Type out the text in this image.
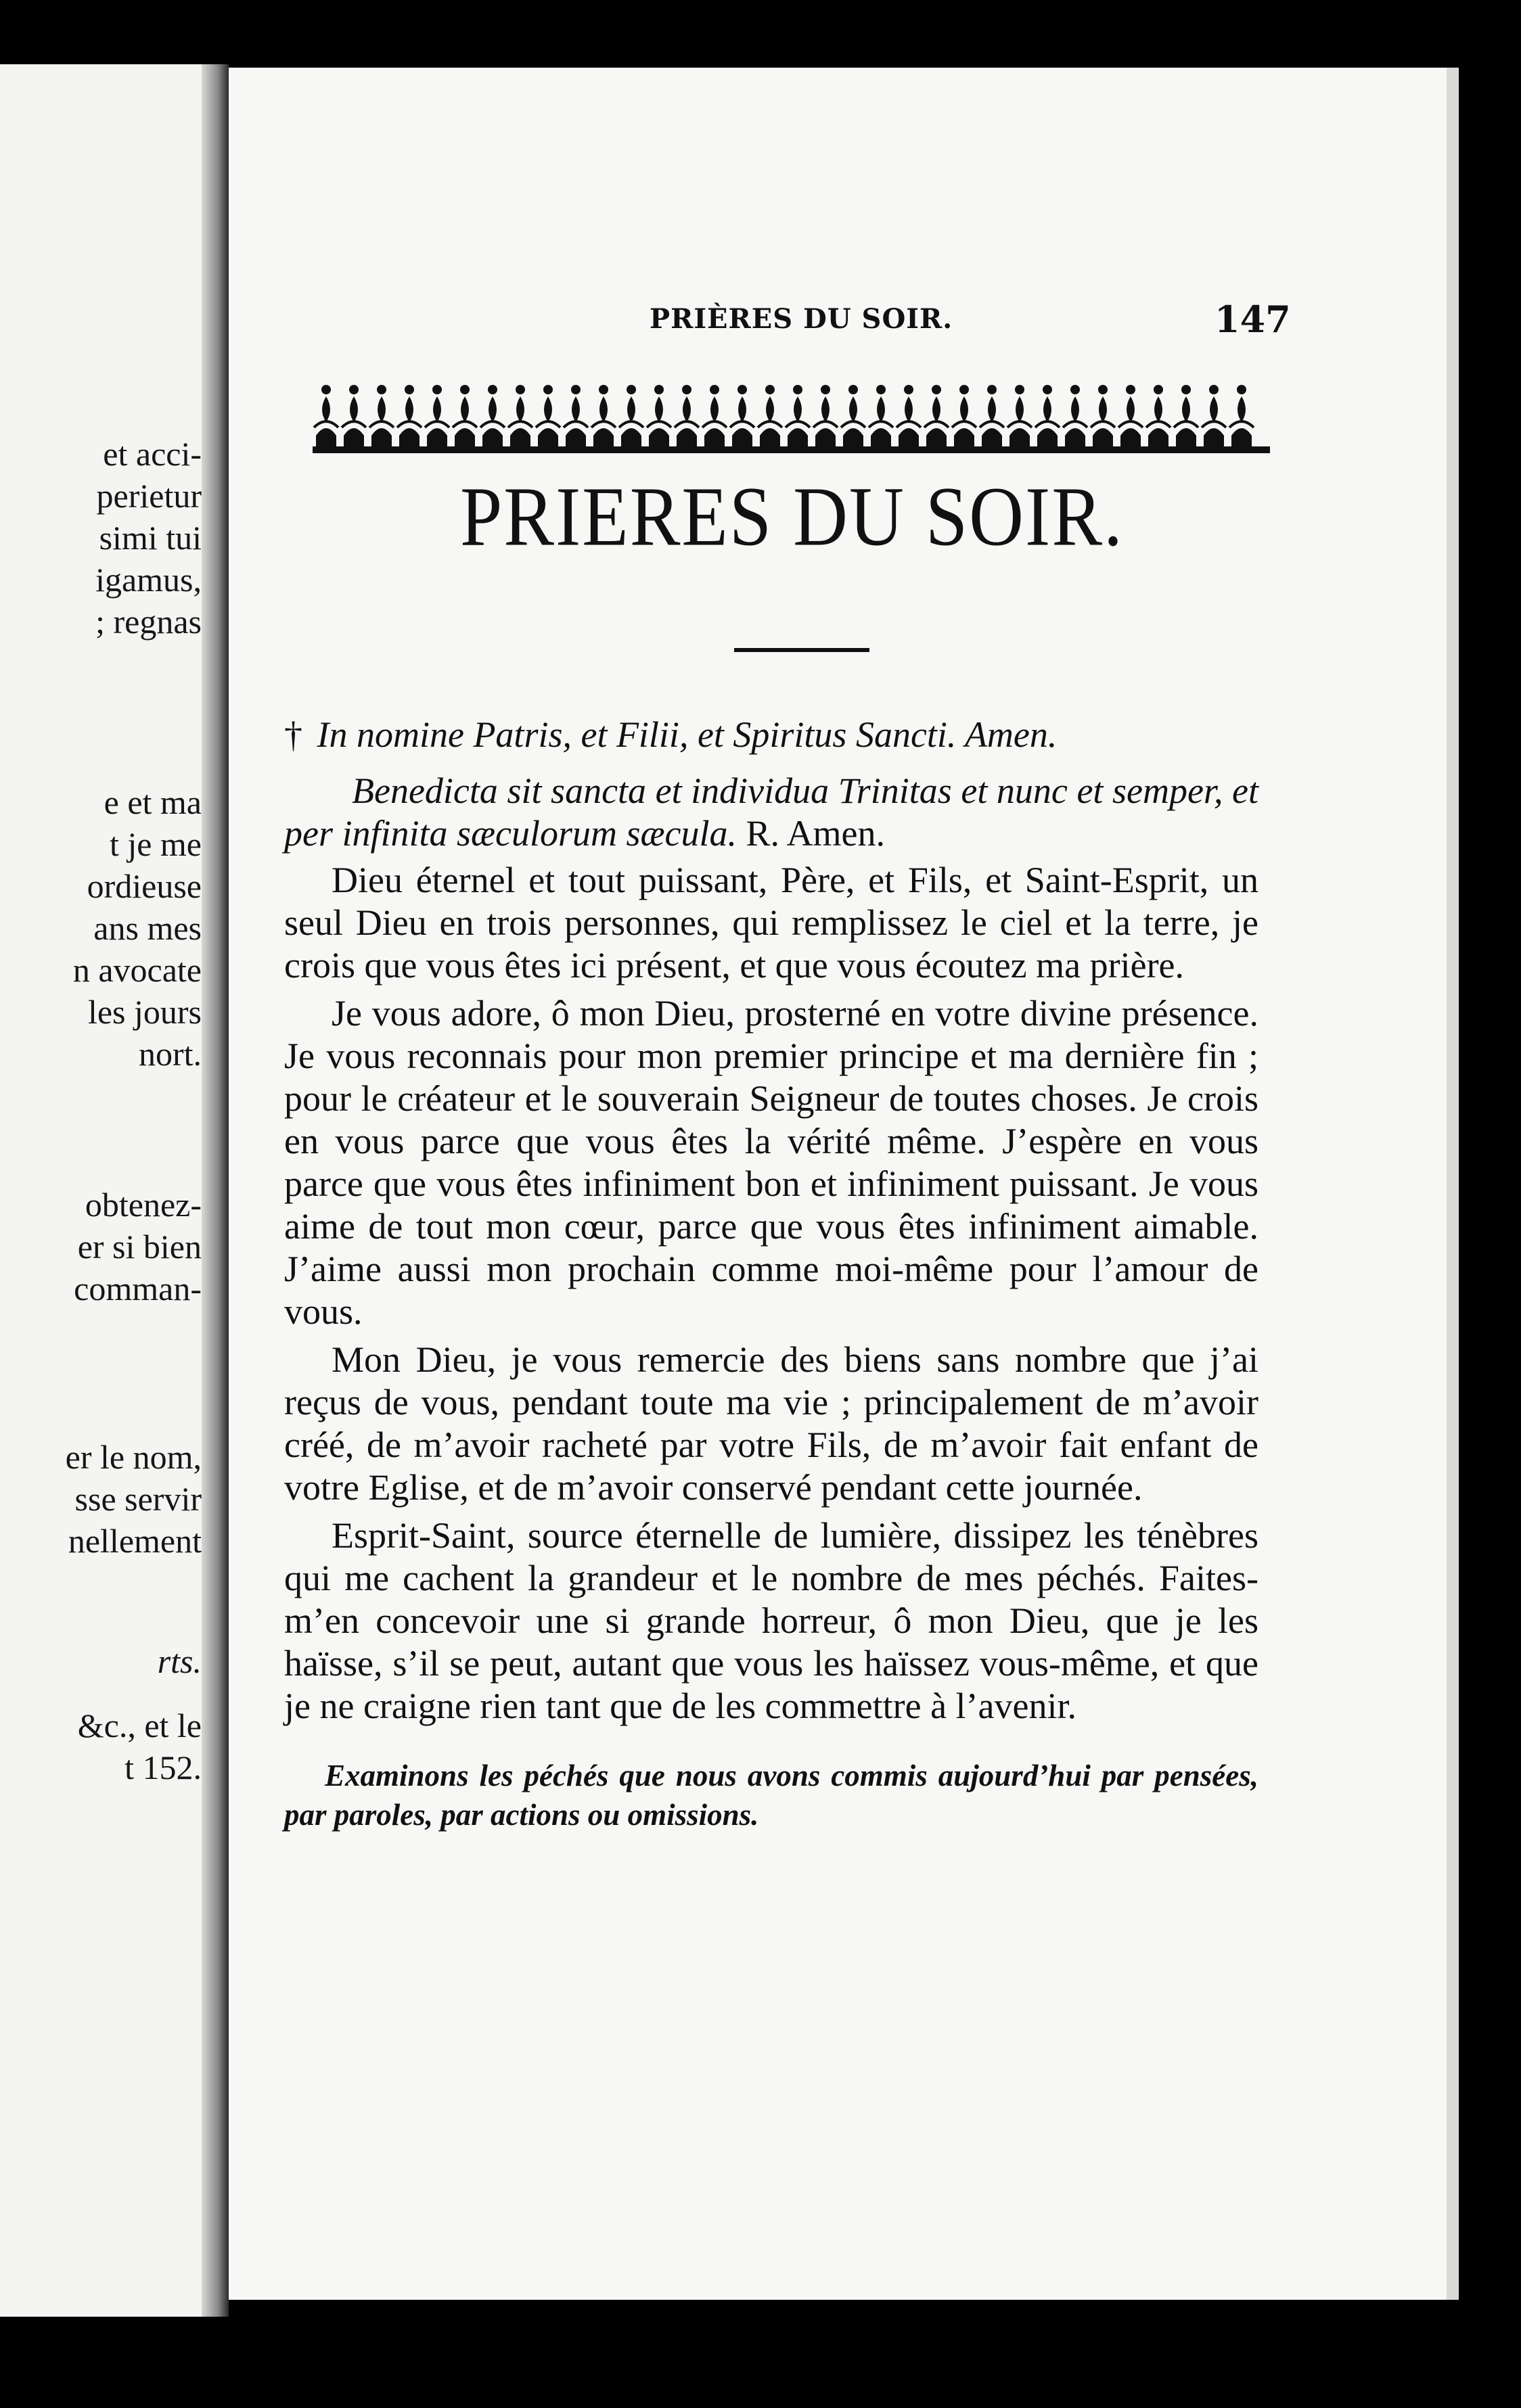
et acci-
perietur
simi tui
igamus,
; regnas
e et ma
t je me
ordieuse
ans mes
n avocate
les jours
nort.
obtenez-
er si bien
comman-
er le nom,
sse servir
nellement
rts.
&c., et le
t 152.
PRIÈRES DU SOIR.	147
PRIERES DU SOIR.
† In nomine Patris, et Filii, et Spiritus Sancti. Amen.

Benedicta sit sancta et individua Trinitas et nunc et semper, et per infinita sæculorum sæcula. R. Amen.

Dieu éternel et tout puissant, Père, et Fils, et Saint-Esprit, un seul Dieu en trois personnes, qui remplissez le ciel et la terre, je crois que vous êtes ici présent, et que vous écoutez ma prière.

Je vous adore, ô mon Dieu, prosterné en votre divine présence. Je vous reconnais pour mon premier principe et ma dernière fin ; pour le créateur et le souverain Seigneur de toutes choses. Je crois en vous parce que vous êtes la vérité même. J’espère en vous parce que vous êtes infiniment bon et infiniment puissant. Je vous aime de tout mon cœur, parce que vous êtes infiniment aimable. J’aime aussi mon prochain comme moi-même pour l’amour de vous.

Mon Dieu, je vous remercie des biens sans nombre que j’ai reçus de vous, pendant toute ma vie ; principalement de m’avoir créé, de m’avoir racheté par votre Fils, de m’avoir fait enfant de votre Eglise, et de m’avoir conservé pendant cette journée.

Esprit-Saint, source éternelle de lumière, dissipez les ténèbres qui me cachent la grandeur et le nombre de mes péchés. Faites-m’en concevoir une si grande horreur, ô mon Dieu, que je les haïsse, s’il se peut, autant que vous les haïssez vous-même, et que je ne craigne rien tant que de les commettre à l’avenir.

Examinons les péchés que nous avons commis aujourd’hui par pensées, par paroles, par actions ou omissions.
